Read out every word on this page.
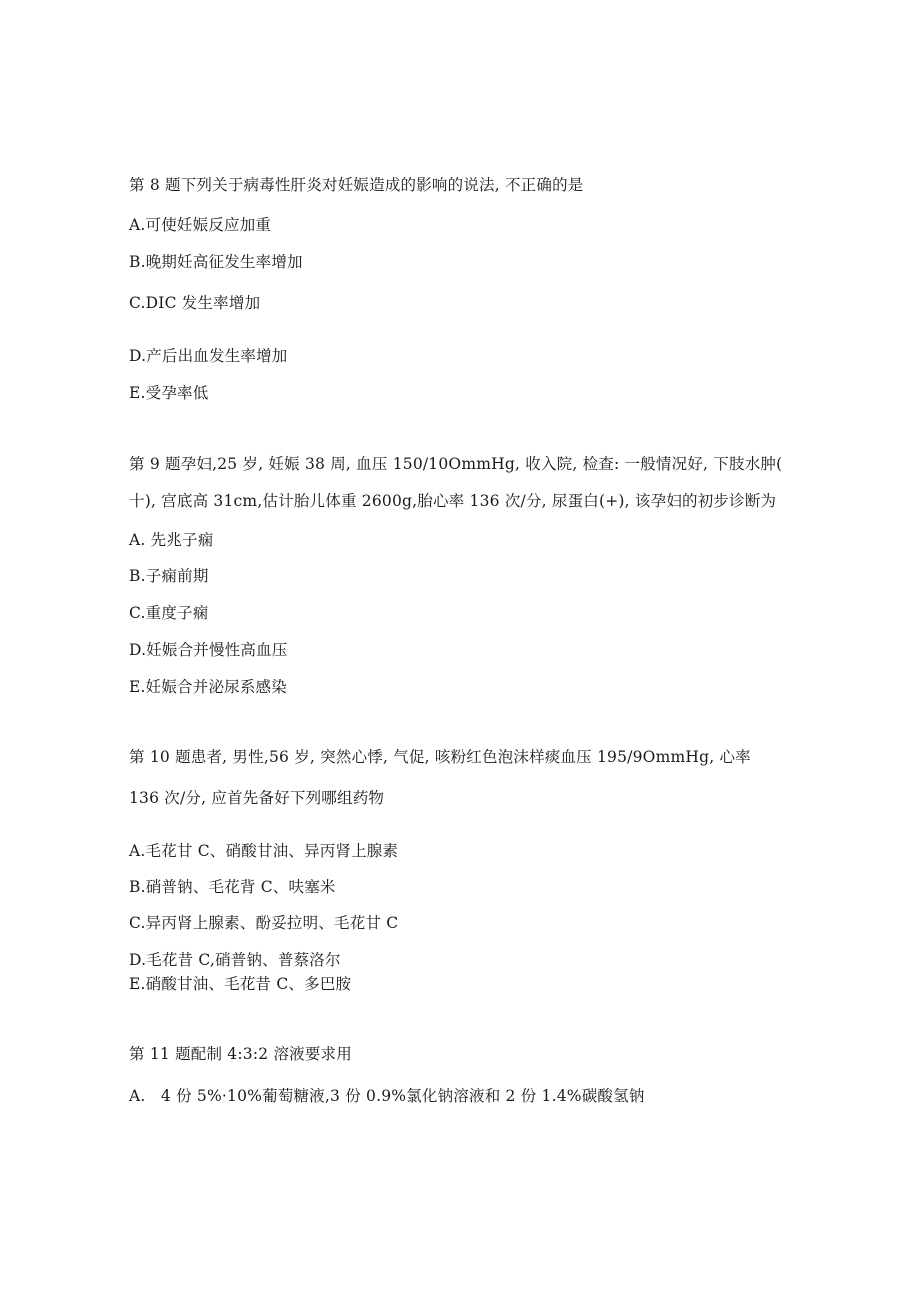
第 8 题下列关于病毒性肝炎对妊娠造成的影响的说法, 不正确的是
A.可使妊娠反应加重
B.晚期妊高征发生率增加
C.DIC 发生率增加
D.产后出血发生率增加
E.受孕率低
第 9 题孕妇,25 岁, 妊娠 38 周, 血压 150/10OmmHg, 收入院, 检查: 一般情况好, 下肢水肿(
十), 宫底高 31cm,估计胎儿体重 2600g,胎心率 136 次/分, 尿蛋白(+), 该孕妇的初步诊断为
A. 先兆子痫
B.子痫前期
C.重度子痫
D.妊娠合并慢性高血压
E.妊娠合并泌尿系感染
第 10 题患者, 男性,56 岁, 突然心悸, 气促, 咳粉红色泡沫样痰血压 195/9OmmHg, 心率
136 次/分, 应首先备好下列哪组药物
A.毛花甘 C、硝酸甘油、异丙肾上腺素
B.硝普钠、毛花背 C、呋塞米
C.异丙肾上腺素、酚妥拉明、毛花甘 C
D.毛花昔 C,硝普钠、普蔡洛尔
E.硝酸甘油、毛花昔 C、多巴胺
第 11 题配制 4:3:2 溶液要求用
A.   4 份 5%·10%葡萄糖液,3 份 0.9%氯化钠溶液和 2 份 1.4%碳酸氢钠
